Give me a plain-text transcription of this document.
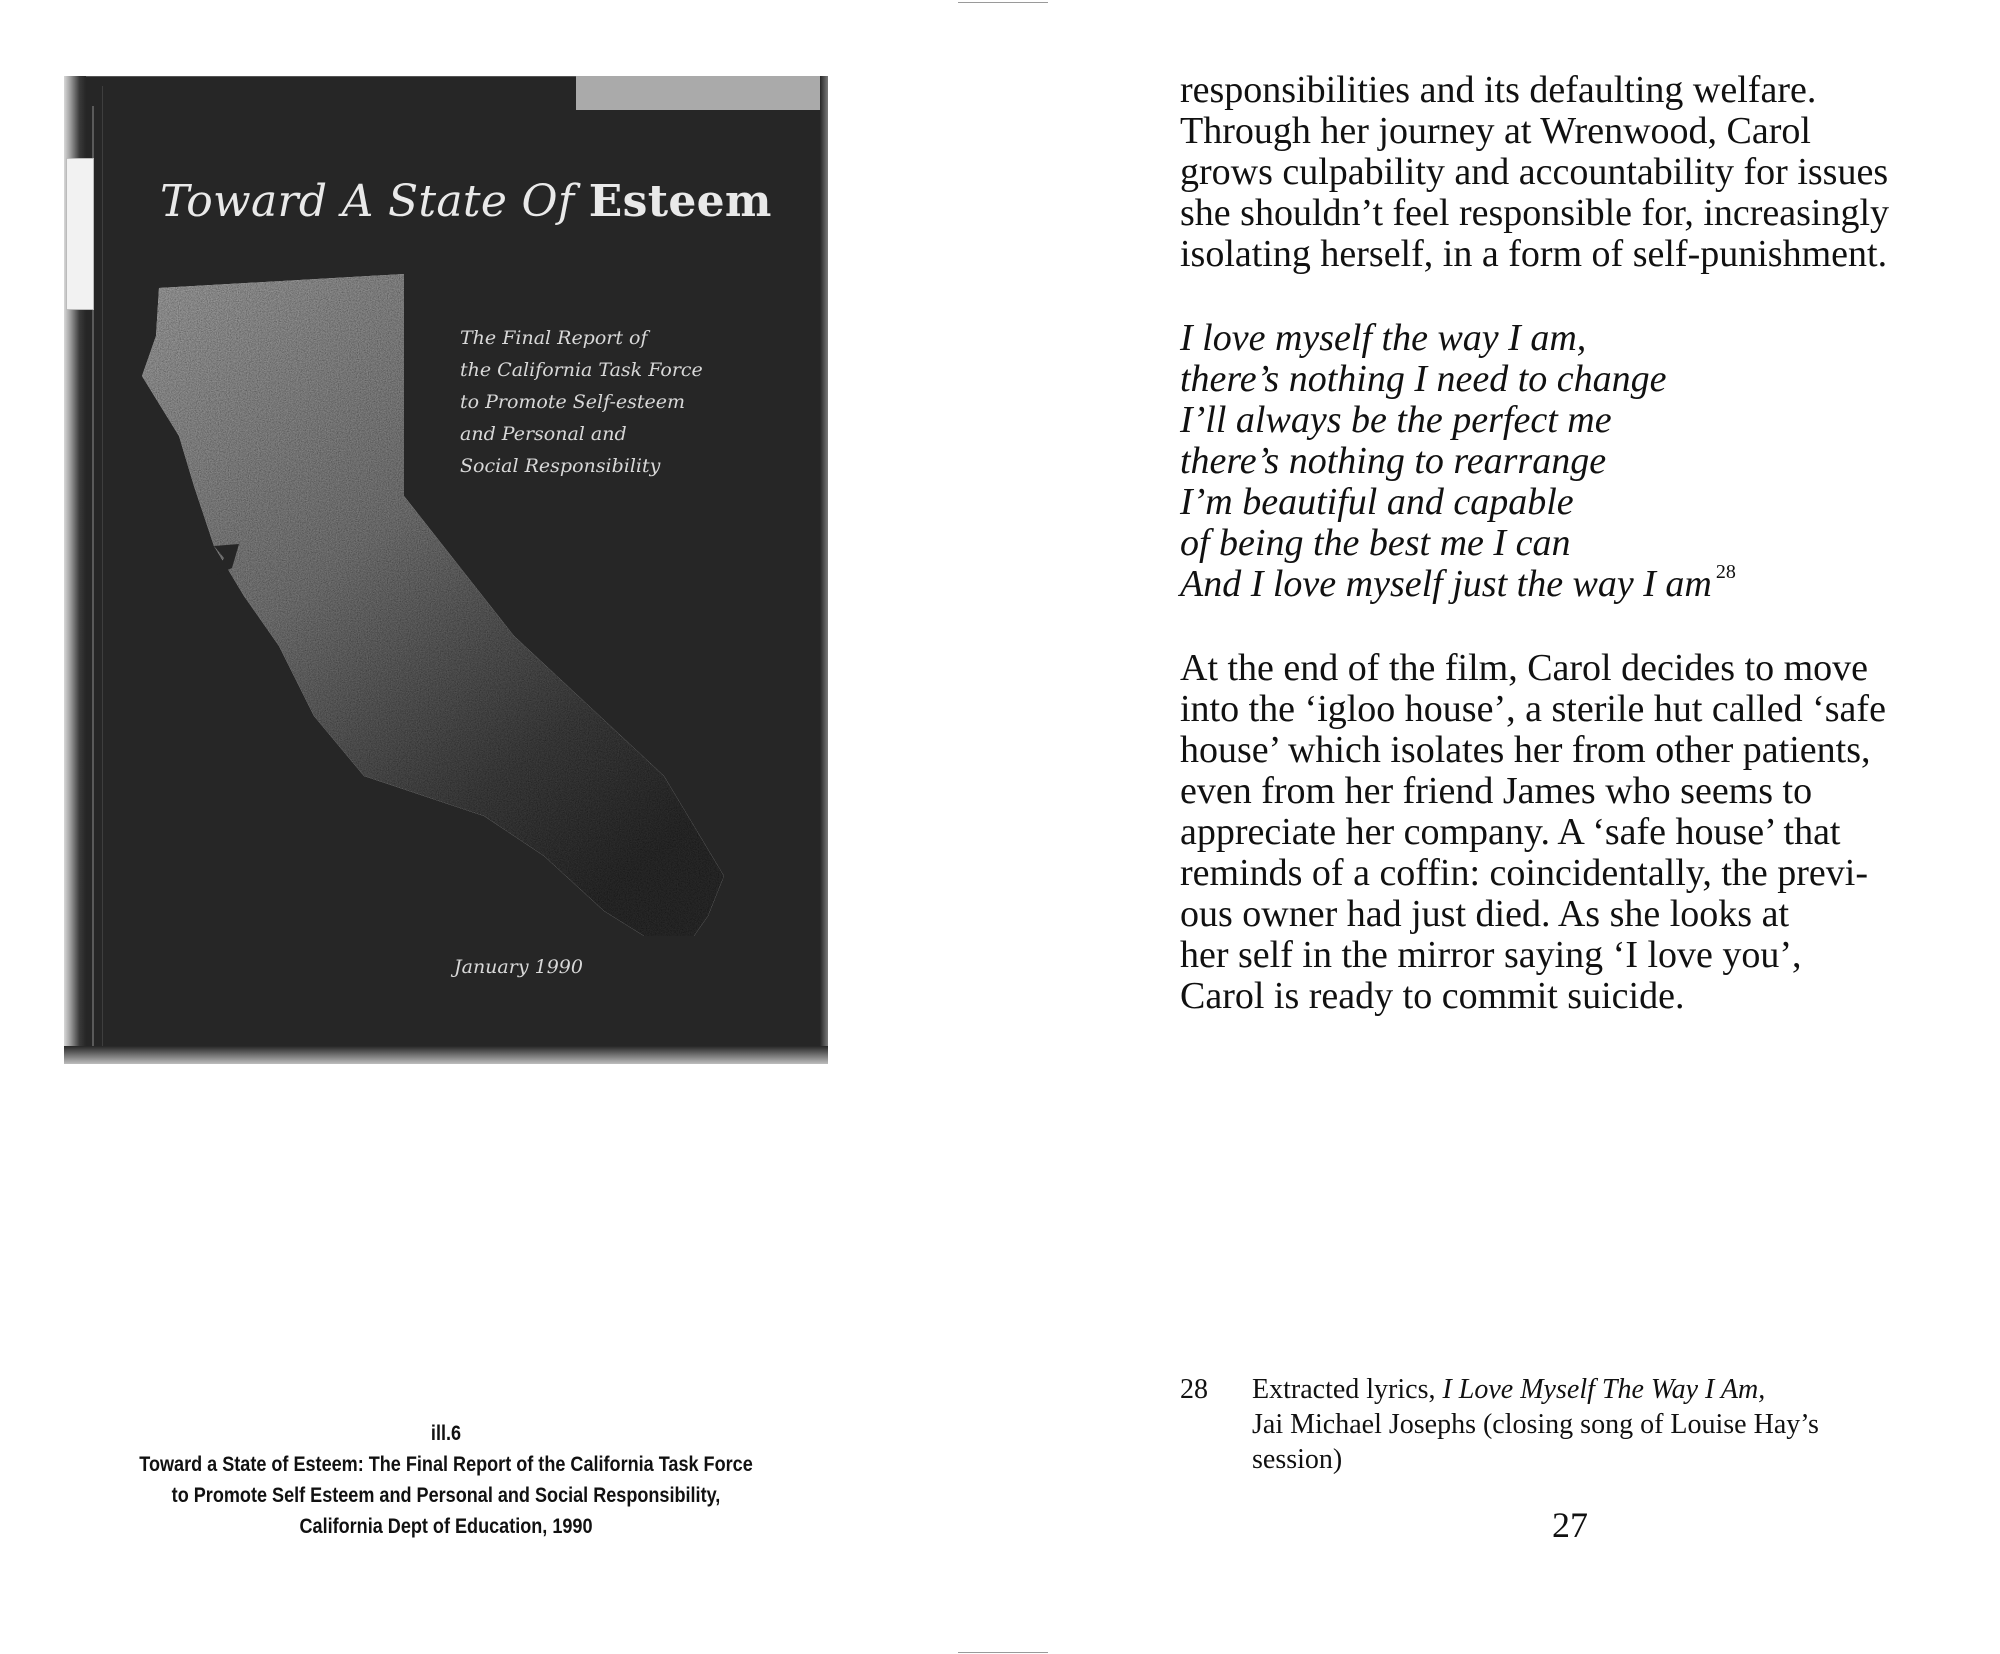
Toward A State Of Esteem
The Final Report of
the California Task Force
to Promote Self-esteem
and Personal and
Social Responsibility
January 1990
ill.6
Toward a State of Esteem: The Final Report of the California Task Force
to Promote Self Esteem and Personal and Social Responsibility,
California Dept of Education, 1990
responsibilities and its defaulting welfare.
Through her journey at Wrenwood, Carol
grows culpability and accountability for issues
she shouldn’t feel responsible for, increasingly
isolating herself, in a form of self-punishment.
I love myself the way I am,
there’s nothing I need to change
I’ll always be the perfect me
there’s nothing to rearrange
I’m beautiful and capable
of being the best me I can
And I love myself just the way I am $^{28}$
At the end of the film, Carol decides to move
into the ‘igloo house’, a sterile hut called ‘safe
house’ which isolates her from other patients,
even from her friend James who seems to
appreciate her company. A ‘safe house’ that
reminds of a coffin: coincidentally, the previ-
ous owner had just died. As she looks at
her self in the mirror saying ‘I love you’,
Carol is ready to commit suicide.
28 Extracted lyrics, I Love Myself The Way I Am,
Jai Michael Josephs (closing song of Louise Hay’s
session)
27
